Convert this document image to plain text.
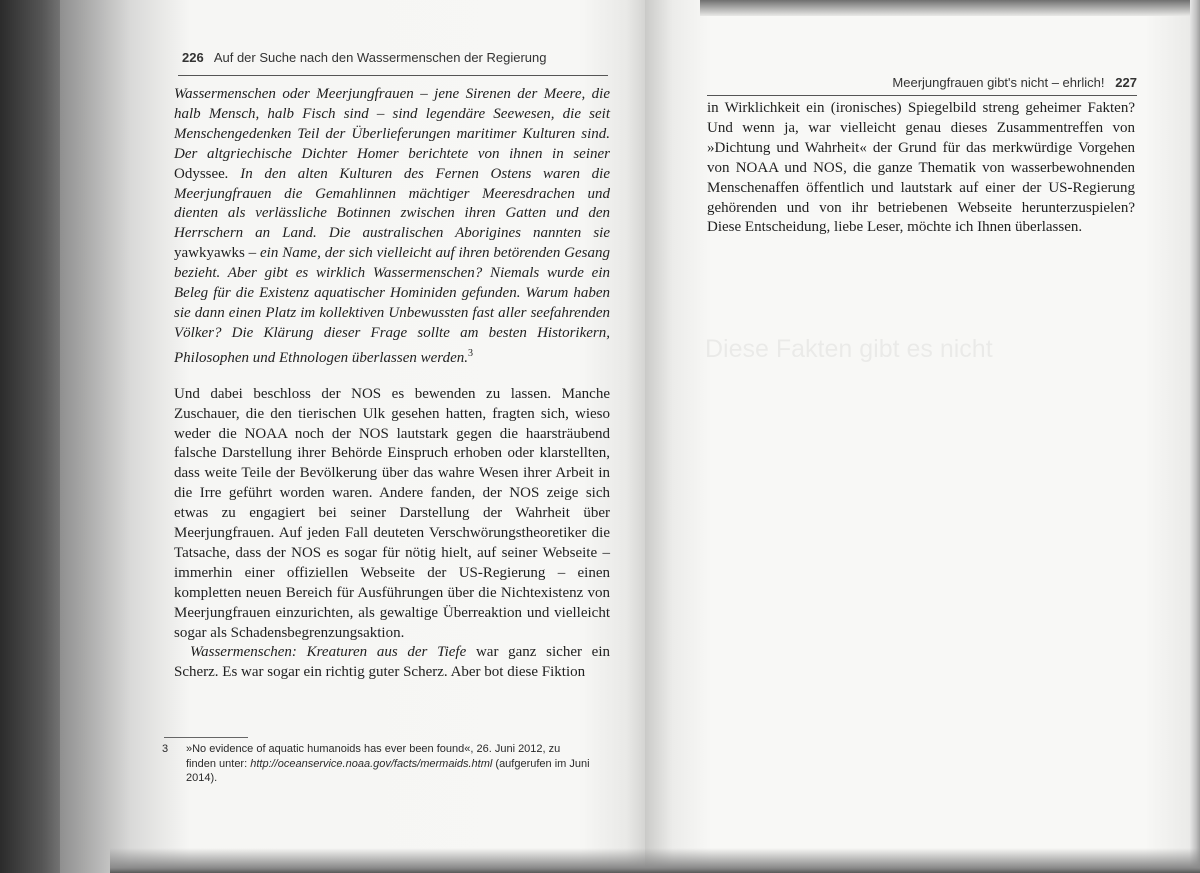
226 Auf der Suche nach den Wassermenschen der Regierung

Wassermenschen oder Meerjungfrauen – jene Sirenen der Meere, die halb Mensch, halb Fisch sind – sind legendäre Seewesen, die seit Menschengedenken Teil der Überlieferungen maritimer Kulturen sind. Der altgriechische Dichter Homer berichtete von ihnen in seiner Odyssee. In den alten Kulturen des Fernen Ostens waren die Meerjungfrauen die Gemahlinnen mächtiger Meeresdrachen und dienten als verlässliche Botinnen zwischen ihren Gatten und den Herrschern an Land. Die australischen Aborigines nannten sie yawkyawks – ein Name, der sich vielleicht auf ihren betörenden Gesang bezieht. Aber gibt es wirklich Wassermenschen? Niemals wurde ein Beleg für die Existenz aquatischer Hominiden gefunden. Warum haben sie dann einen Platz im kollektiven Unbewussten fast aller seefahrenden Völker? Die Klärung dieser Frage sollte am besten Historikern, Philosophen und Ethnologen überlassen werden.$^3$

Und dabei beschloss der NOS es bewenden zu lassen. Manche Zuschauer, die den tierischen Ulk gesehen hatten, fragten sich, wieso weder die NOAA noch der NOS lautstark gegen die haarsträubend falsche Darstellung ihrer Behörde Einspruch erhoben oder klarstellten, dass weite Teile der Bevölkerung über das wahre Wesen ihrer Arbeit in die Irre geführt worden waren. Andere fanden, der NOS zeige sich etwas zu engagiert bei seiner Darstellung der Wahrheit über Meerjungfrauen. Auf jeden Fall deuteten Verschwörungstheoretiker die Tatsache, dass der NOS es sogar für nötig hielt, auf seiner Webseite – immerhin einer offiziellen Webseite der US-Regierung – einen kompletten neuen Bereich für Ausführungen über die Nichtexistenz von Meerjungfrauen einzurichten, als gewaltige Überreaktion und vielleicht sogar als Schadensbegrenzungsaktion.

Wassermenschen: Kreaturen aus der Tiefe war ganz sicher ein Scherz. Es war sogar ein richtig guter Scherz. Aber bot diese Fiktion

3 »No evidence of aquatic humanoids has ever been found«, 26. Juni 2012, zu finden unter: http://oceanservice.noaa.gov/facts/mermaids.html (aufgerufen im Juni 2014).
Meerjungfrauen gibt's nicht – ehrlich! 227

in Wirklichkeit ein (ironisches) Spiegelbild streng geheimer Fakten? Und wenn ja, war vielleicht genau dieses Zusammentreffen von »Dichtung und Wahrheit« der Grund für das merkwürdige Vorgehen von NOAA und NOS, die ganze Thematik von wasserbewohnenden Menschenaffen öffentlich und lautstark auf einer der US-Regierung gehörenden und von ihr betriebenen Webseite herunterzuspielen? Diese Entscheidung, liebe Leser, möchte ich Ihnen überlassen.

Diese Fakten gibt es nicht
